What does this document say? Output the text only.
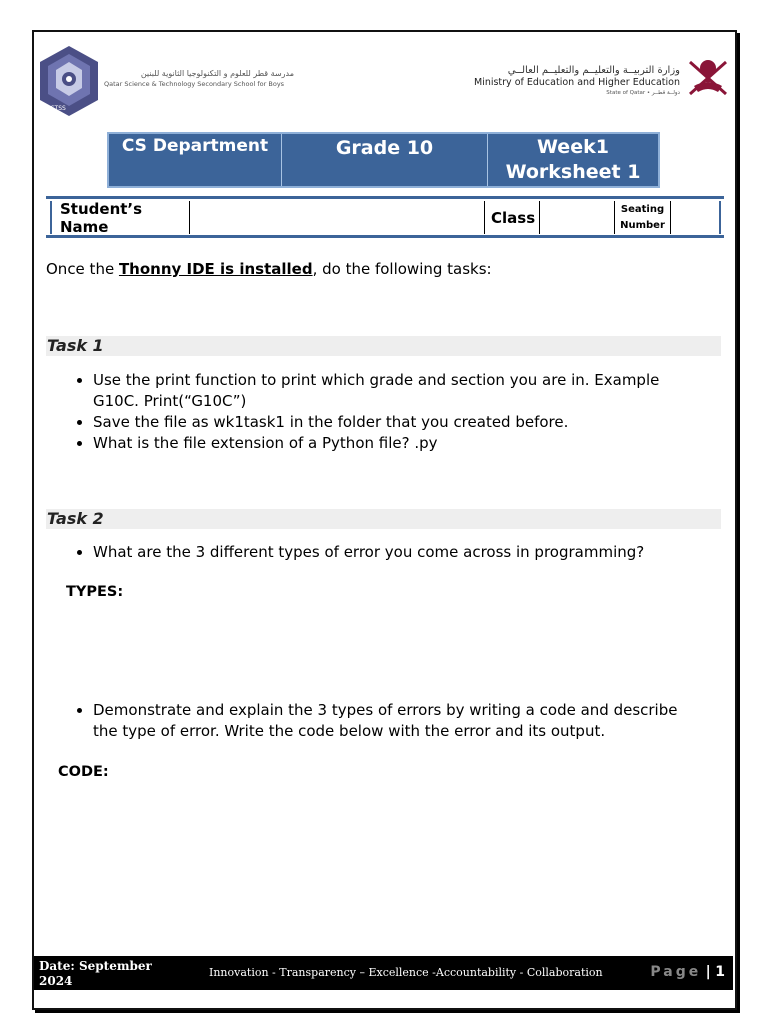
QSTSS
مدرسة قطر للعلوم و التكنولوجيا الثانوية للبنين
Qatar Science & Technology Secondary School for Boys
وزارة التربيــة والتعليــم والتعليــم العالــي
Ministry of Education and Higher Education
State of Qatar • دولــة قطــر
CS Department	Grade 10	Week1
Worksheet 1
Student’s Name	Class	Seating
Number
Once the Thonny IDE is installed, do the following tasks:
Task 1
• Use the print function to print which grade and section you are in. Example G10C. Print(“G10C”)
• Save the file as wk1task1 in the folder that you created before.
• What is the file extension of a Python file? .py
Task 2
• What are the 3 different types of error you come across in programming?
TYPES:
• Demonstrate and explain the 3 types of errors by writing a code and describe the type of error. Write the code below with the error and its output.
CODE:
Date: September
2024
Innovation - Transparency – Excellence -Accountability - Collaboration	Page | 1
